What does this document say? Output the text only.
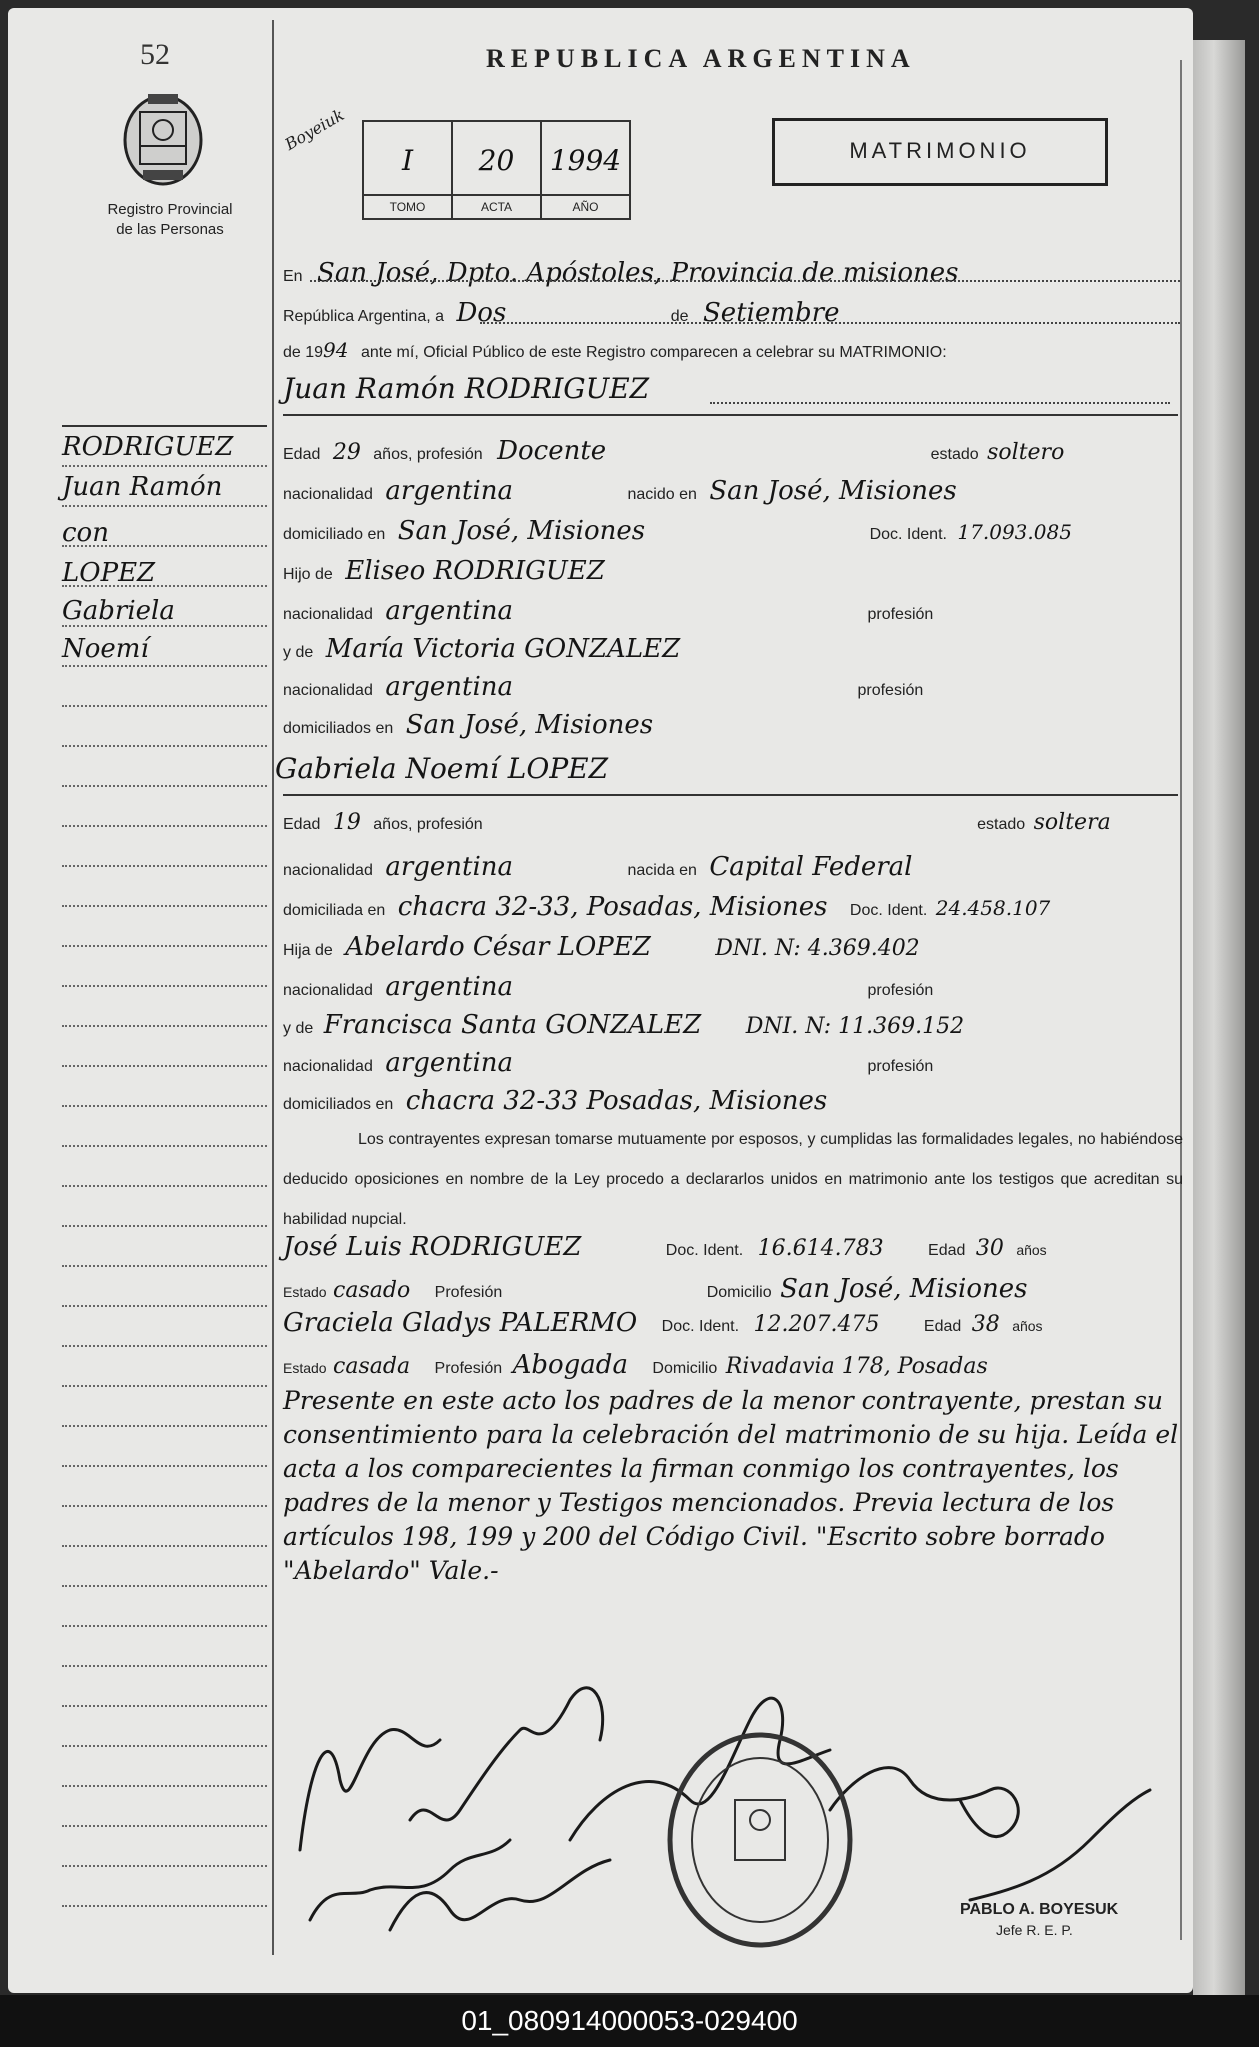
52
Registro Provincial
de las Personas
REPUBLICA ARGENTINA
Boyeiuk
I
TOMO
20
ACTA
1994
AÑO
MATRIMONIO
En San José, Dpto. Apóstoles, Provincia de misiones
República Argentina, a Dos	de Setiembre
de 1994 ante mí, Oficial Público de este Registro comparecen a celebrar su MATRIMONIO:
RODRIGUEZ
Juan Ramón
con
LOPEZ
Gabriela
Noemí
Juan Ramón RODRIGUEZ
Edad 29 años, profesión Docente	estado soltero
nacionalidad argentina	nacido en San José, Misiones
domiciliado en San José, Misiones	Doc. Ident. 17.093.085
Hijo de Eliseo RODRIGUEZ
nacionalidad argentina	profesión
y de María Victoria GONZALEZ
nacionalidad argentina	profesión
domiciliados en San José, Misiones
Gabriela Noemí LOPEZ
Edad 19 años, profesión	estado soltera
nacionalidad argentina	nacida en Capital Federal
domiciliada en chacra 32-33, Posadas, Misiones Doc. Ident. 24.458.107
Hija de Abelardo César LOPEZ	DNI. N: 4.369.402
nacionalidad argentina	profesión
y de Francisca Santa GONZALEZ DNI. N: 11.369.152
nacionalidad argentina	profesión
domiciliados en chacra 32-33 Posadas, Misiones
Los contrayentes expresan tomarse mutuamente por esposos, y cumplidas las formalidades legales, no habiéndose deducido oposiciones en nombre de la Ley procedo a declararlos unidos en matrimonio ante los testigos que acreditan su habilidad nupcial.
José Luis RODRIGUEZ	Doc. Ident. 16.614.783	Edad 30 años
Estado casado Profesión	Domicilio San José, Misiones
Graciela Gladys PALERMO Doc. Ident. 12.207.475	Edad 38 años
Estado casada Profesión Abogada Domicilio Rivadavia 178, Posadas
Presente en este acto los padres de la menor contrayente, prestan su consentimiento para la celebración del matrimonio de su hija. Leída el acta a los comparecientes la firman conmigo los contrayentes, los padres de la menor y Testigos mencionados. Previa lectura de los artículos 198, 199 y 200 del Código Civil. "Escrito sobre borrado "Abelardo" Vale.-
PABLO A. BOYESUK
Jefe R. E. P.
01_080914000053-029400
